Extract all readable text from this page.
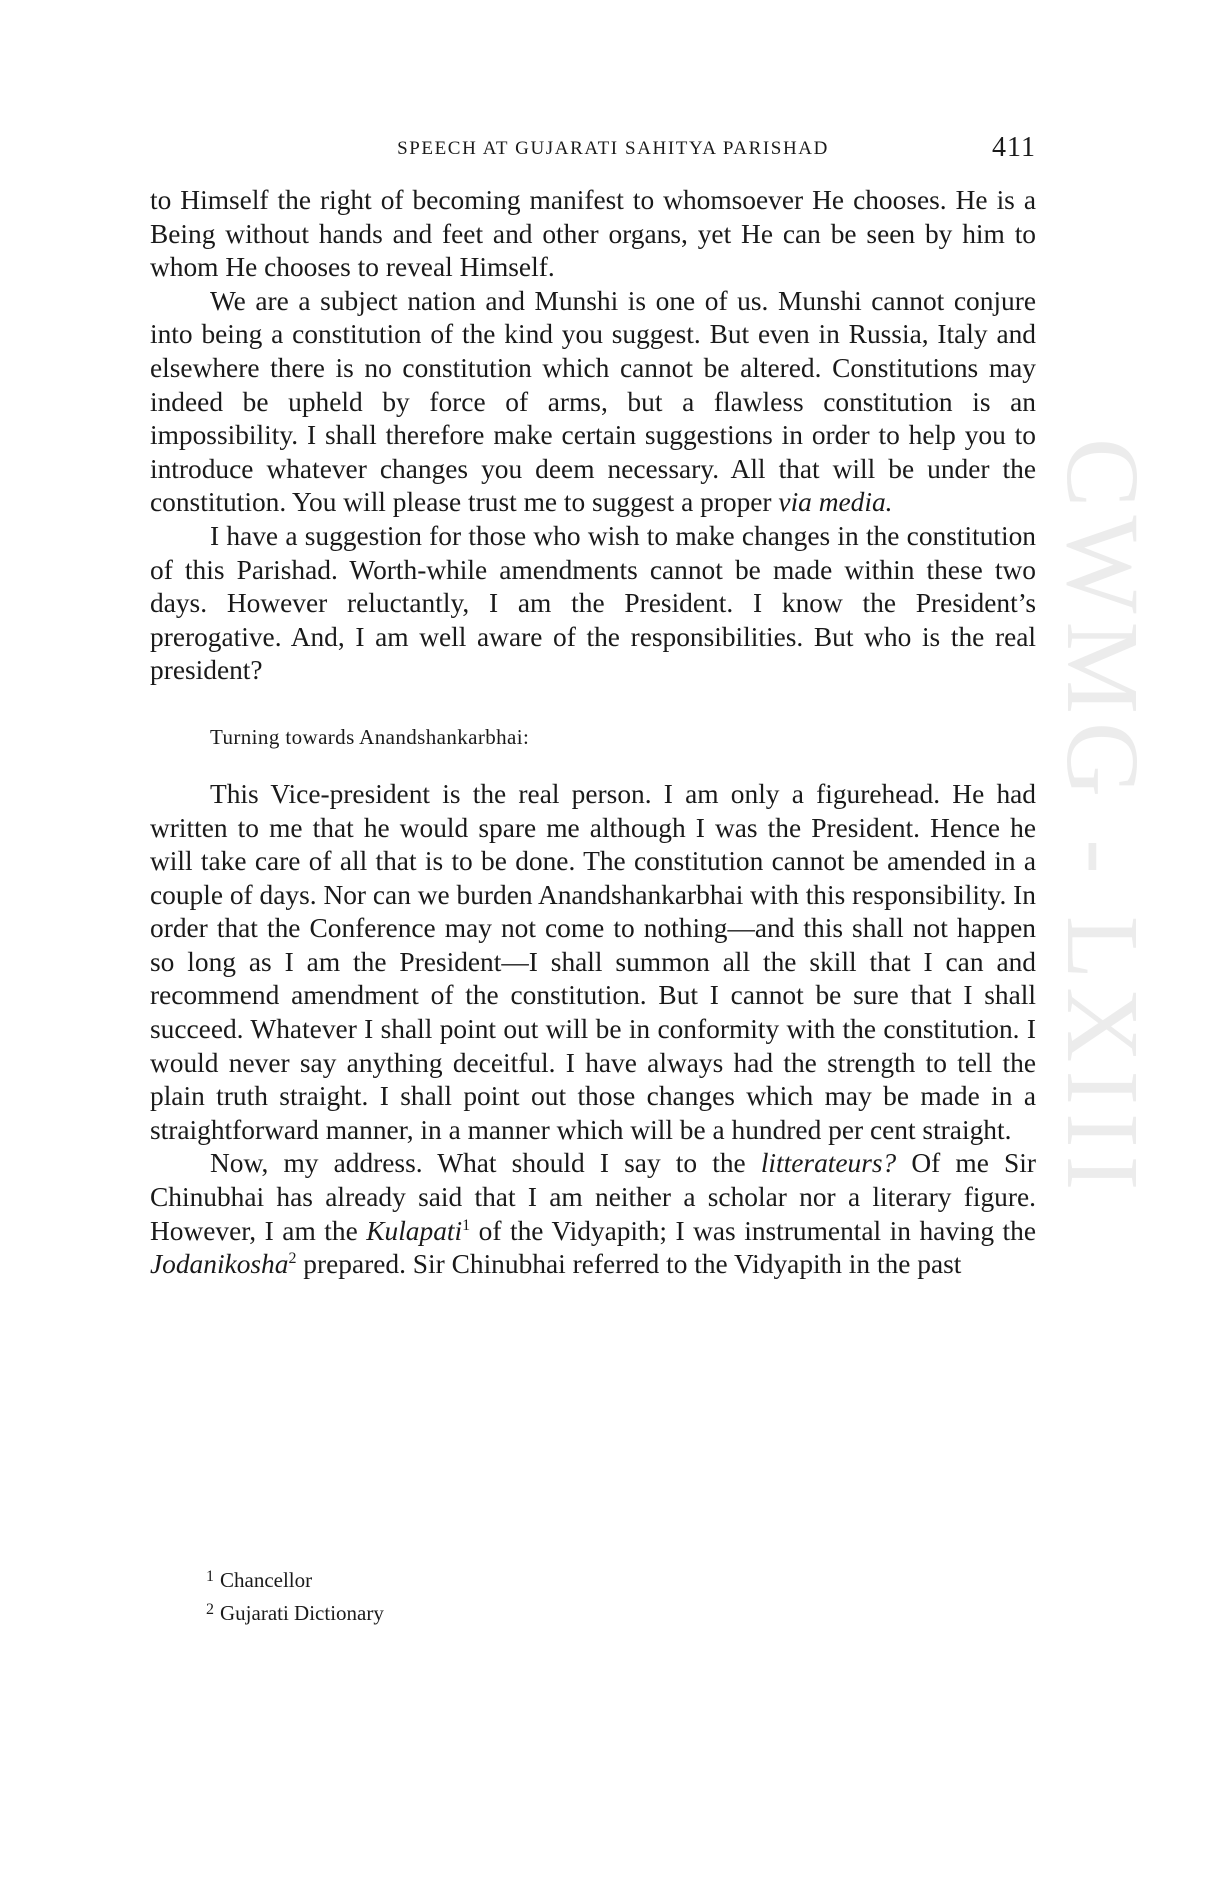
CWMG - LXIII
SPEECH AT GUJARATI SAHITYA PARISHAD	411

to Himself the right of becoming manifest to whomsoever He chooses. He is a Being without hands and feet and other organs, yet He can be seen by him to whom He chooses to reveal Himself.

We are a subject nation and Munshi is one of us. Munshi cannot conjure into being a constitution of the kind you suggest. But even in Russia, Italy and elsewhere there is no constitution which cannot be altered. Constitutions may indeed be upheld by force of arms, but a flawless constitution is an impossibility. I shall therefore make certain suggestions in order to help you to introduce whatever changes you deem necessary. All that will be under the constitution. You will please trust me to suggest a proper via media.

I have a suggestion for those who wish to make changes in the constitution of this Parishad. Worth-while amendments cannot be made within these two days. However reluctantly, I am the President. I know the President’s prerogative. And, I am well aware of the responsibilities. But who is the real president?

Turning towards Anandshankarbhai:

This Vice-president is the real person. I am only a figurehead. He had written to me that he would spare me although I was the President. Hence he will take care of all that is to be done. The constitution cannot be amended in a couple of days. Nor can we burden Anandshankarbhai with this responsibility. In order that the Conference may not come to nothing—and this shall not happen so long as I am the President—I shall summon all the skill that I can and recommend amendment of the constitution. But I cannot be sure that I shall succeed. Whatever I shall point out will be in conformity with the constitution. I would never say anything deceitful. I have always had the strength to tell the plain truth straight. I shall point out those changes which may be made in a straightforward manner, in a manner which will be a hundred per cent straight.

Now, my address. What should I say to the litterateurs? Of me Sir Chinubhai has already said that I am neither a scholar nor a literary figure. However, I am the Kulapati$^1$ of the Vidyapith; I was instrumental in having the Jodanikosha$^2$ prepared. Sir Chinubhai referred to the Vidyapith in the past

$^1$ Chancellor
$^2$ Gujarati Dictionary
